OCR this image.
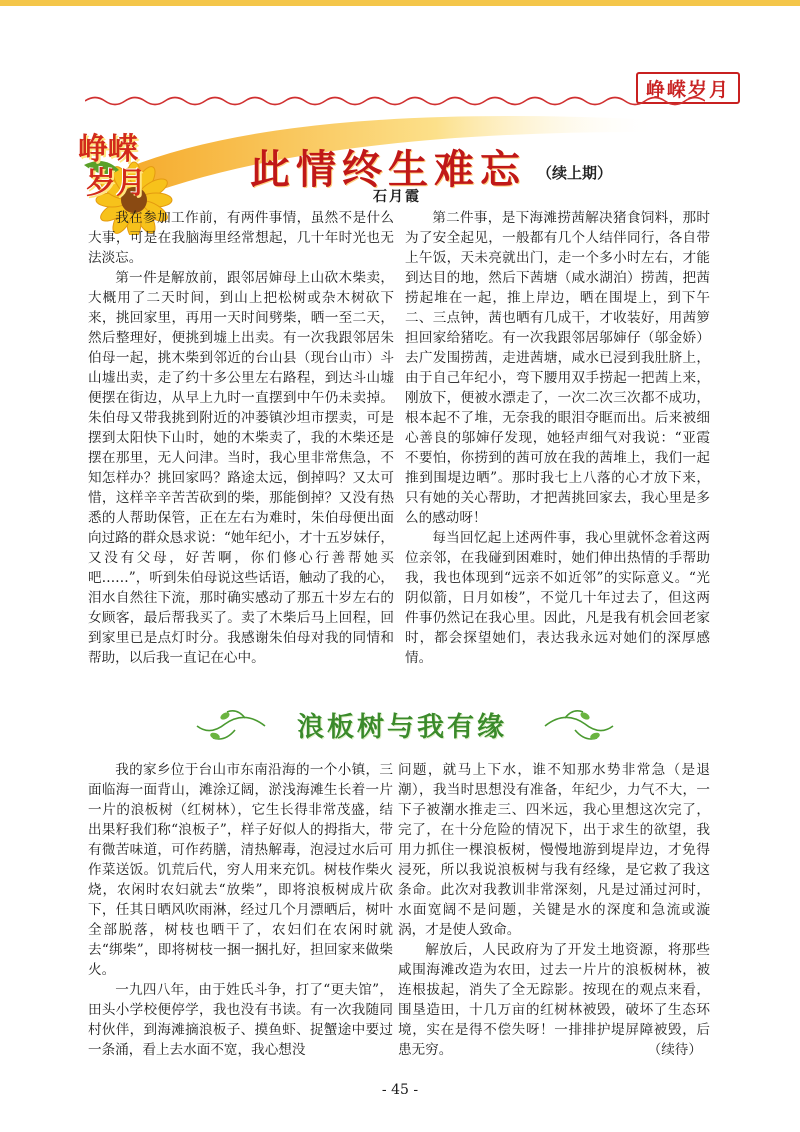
峥嵘岁月
峥嵘
岁月	此情终生难忘 （续上期）
石月霞

我在参加工作前，有两件事情，虽然不是什么大事，可是在我脑海里经常想起，几十年时光也无法淡忘。

第一件是解放前，跟邻居婶母上山砍木柴卖，大概用了二天时间，到山上把松树或杂木树砍下来，挑回家里，再用一天时间劈柴，晒一至二天，然后整理好，便挑到墟上出卖。有一次我跟邻居朱伯母一起，挑木柴到邻近的台山县（现台山市）斗山墟出卖，走了约十多公里左右路程，到达斗山墟便摆在街边，从早上九时一直摆到中午仍未卖掉。朱伯母又带我挑到附近的冲蒌镇沙坦市摆卖，可是摆到太阳快下山时，她的木柴卖了，我的木柴还是摆在那里，无人问津。当时，我心里非常焦急，不知怎样办？挑回家吗？路途太远，倒掉吗？又太可惜，这样辛辛苦苦砍到的柴，那能倒掉？又没有热悉的人帮助保管，正在左右为难时，朱伯母便出面向过路的群众恳求说：“她年纪小，才十五岁妹仔，又没有父母，好苦啊，你们修心行善帮她买吧……”，听到朱伯母说这些话语，触动了我的心，泪水自然往下流，那时确实感动了那五十岁左右的女顾客，最后帮我买了。卖了木柴后马上回程，回到家里已是点灯时分。我感谢朱伯母对我的同情和帮助，以后我一直记在心中。

第二件事，是下海滩捞茜解决猪食饲料，那时为了安全起见，一般都有几个人结伴同行，各自带上午饭，天未亮就出门，走一个多小时左右，才能到达目的地，然后下茜塘（咸水湖泊）捞茜，把茜捞起堆在一起，推上岸边，晒在围堤上，到下午二、三点钟，茜也晒有几成干，才收装好，用茜箩担回家给猪吃。有一次我跟邻居邬婶仔（邬金娇）去广发围捞茜，走进茜塘，咸水已浸到我肚脐上，由于自己年纪小，弯下腰用双手捞起一把茜上来，刚放下，便被水漂走了，一次二次三次都不成功，根本起不了堆，无奈我的眼泪夺眶而出。后来被细心善良的邬婶仔发现，她轻声细气对我说：“亚霞不要怕，你捞到的茜可放在我的茜堆上，我们一起推到围堤边晒”。那时我七上八落的心才放下来，只有她的关心帮助，才把茜挑回家去，我心里是多么的感动呀！

每当回忆起上述两件事，我心里就怀念着这两位亲邻，在我碰到困难时，她们伸出热情的手帮助我，我也体现到“远亲不如近邻”的实际意义。“光阴似箭，日月如梭”，不觉几十年过去了，但这两件事仍然记在我心里。因此，凡是我有机会回老家时，都会探望她们，表达我永远对她们的深厚感情。

浪板树与我有缘

我的家乡位于台山市东南沿海的一个小镇，三面临海一面背山，滩涂辽阔，淤浅海滩生长着一片一片的浪板树（红树林），它生长得非常茂盛，结出果籽我们称“浪板子”，样子好似人的拇指大，带有微苦味道，可作药膳，清热解毒，泡浸过水后可作菜送饭。饥荒后代，穷人用来充饥。树枝作柴火烧，农闲时农妇就去“放柴”，即将浪板树成片砍下，任其日晒风吹雨淋，经过几个月漂晒后，树叶全部脱落，树枝也晒干了，农妇们在农闲时就去“绑柴”，即将树枝一捆一捆扎好，担回家来做柴火。

一九四八年，由于姓氏斗争，打了“更夫馆”，田头小学校便停学，我也没有书读。有一次我随同村伙伴，到海滩摘浪板子、摸鱼虾、捉蟹途中要过一条涌，看上去水面不宽，我心想没

问题，就马上下水，谁不知那水势非常急（是退潮），我当时思想没有准备，年纪少，力气不大，一下子被潮水推走三、四米远，我心里想这次完了，完了，在十分危险的情况下，出于求生的欲望，我用力抓住一棵浪板树，慢慢地游到堤岸边，才免得浸死，所以我说浪板树与我有经缘，是它救了我这条命。此次对我教训非常深刻，凡是过涌过河时，水面宽阔不是问题，关键是水的深度和急流或漩涡，才是使人致命。

解放后，人民政府为了开发土地资源，将那些咸围海滩改造为农田，过去一片片的浪板树林，被连根拔起，消失了全无踪影。按现在的观点来看，围垦造田，十几万亩的红树林被毁，破坏了生态环境，实在是得不偿失呀！一排排护堤屏障被毁，后患无穷。	（续待）

- 45 -
